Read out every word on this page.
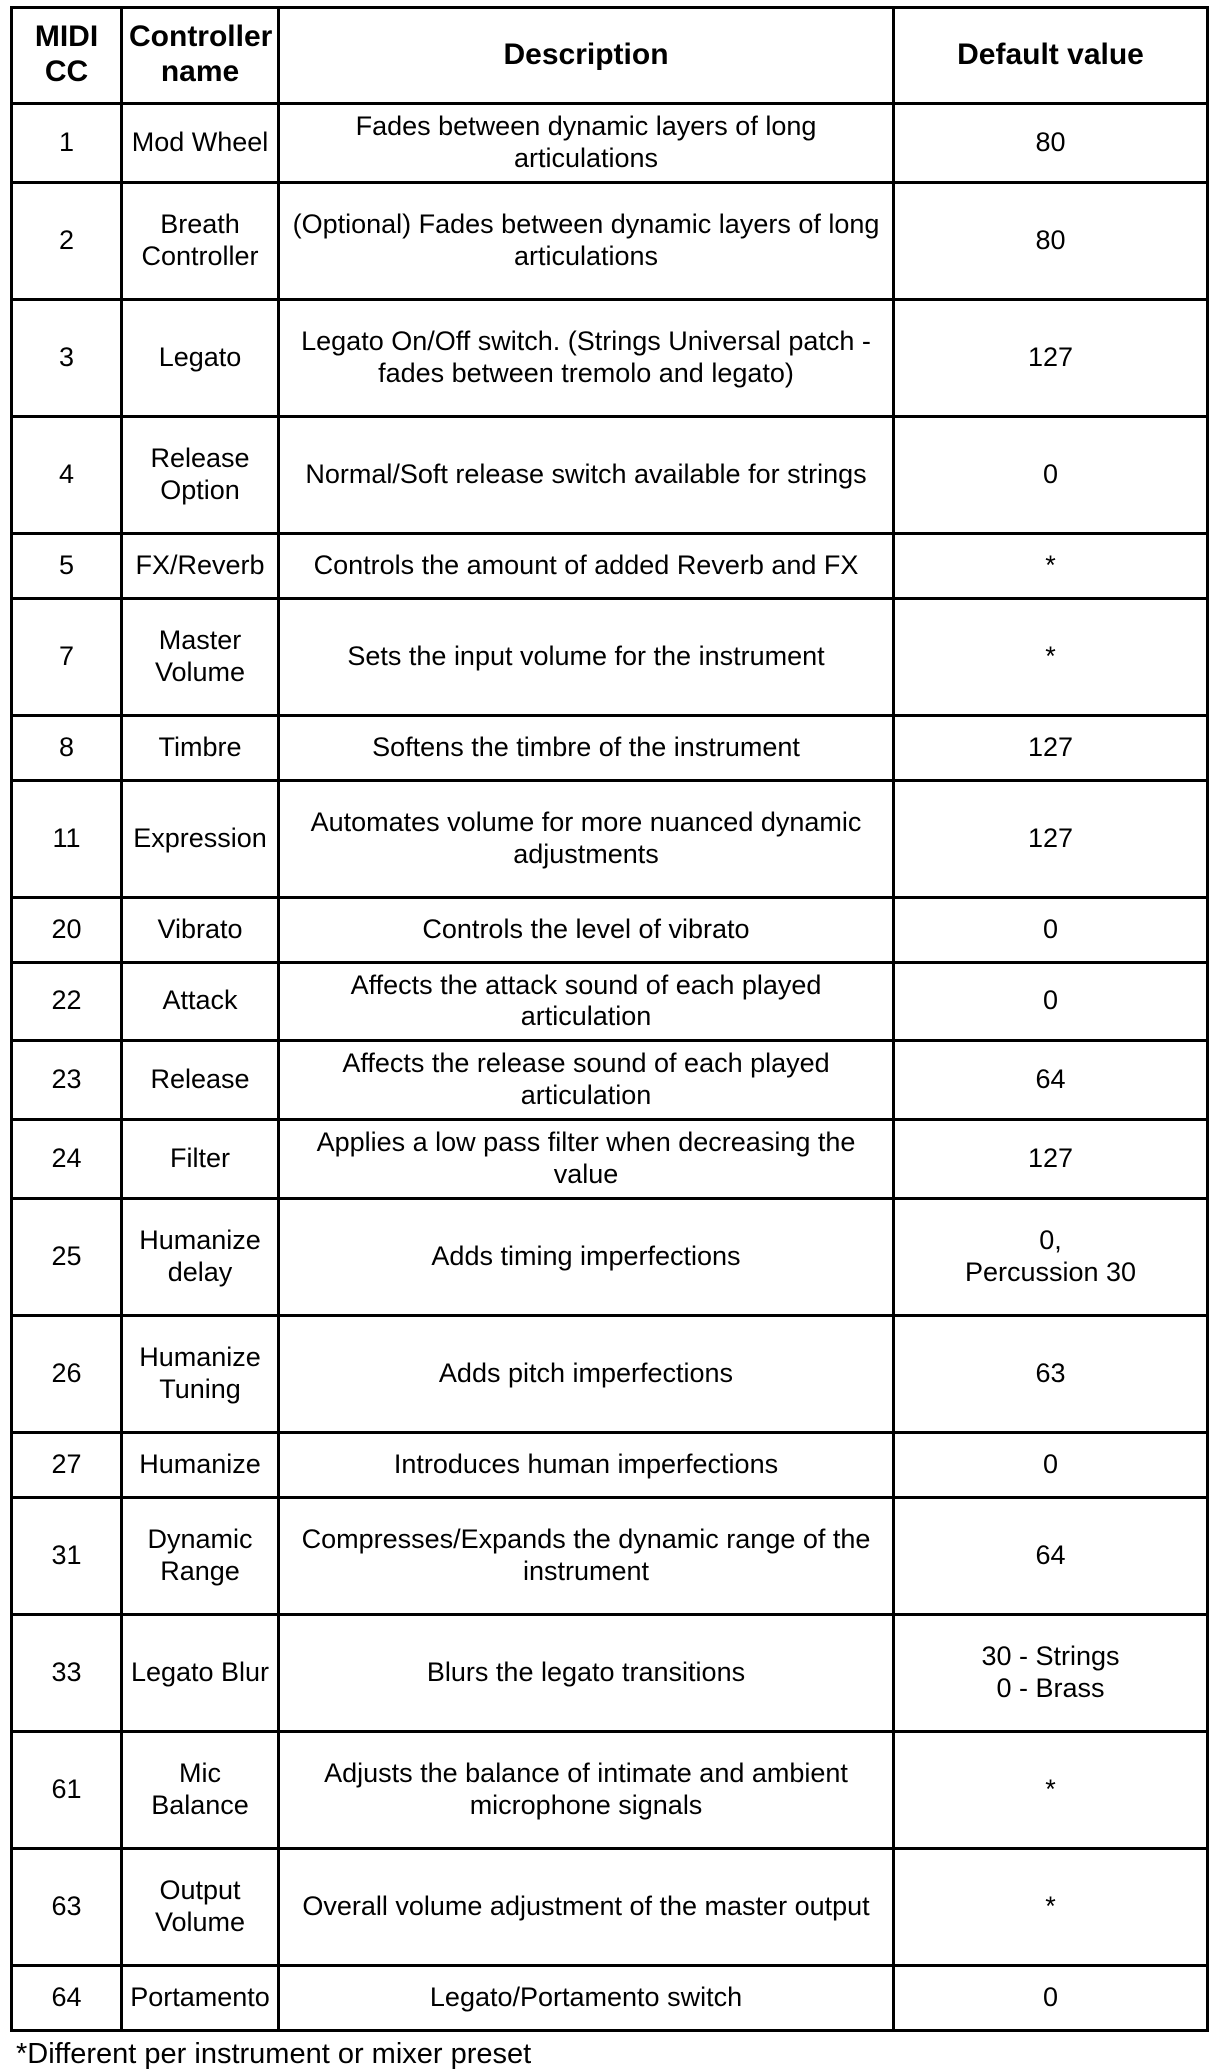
MIDI CC	Controller name	Description	Default value
1	Mod Wheel	Fades between dynamic layers of long articulations	80
2	Breath Controller	(Optional) Fades between dynamic layers of long articulations	80
3	Legato	Legato On/Off switch. (Strings Universal patch - fades between tremolo and legato)	127
4	Release Option	Normal/Soft release switch available for strings	0
5	FX/Reverb	Controls the amount of added Reverb and FX	*
7	Master Volume	Sets the input volume for the instrument	*
8	Timbre	Softens the timbre of the instrument	127
11	Expression	Automates volume for more nuanced dynamic adjustments	127
20	Vibrato	Controls the level of vibrato	0
22	Attack	Affects the attack sound of each played articulation	0
23	Release	Affects the release sound of each played articulation	64
24	Filter	Applies a low pass filter when decreasing the value	127
25	Humanize delay	Adds timing imperfections	0,
Percussion 30
26	Humanize Tuning	Adds pitch imperfections	63
27	Humanize	Introduces human imperfections	0
31	Dynamic Range	Compresses/Expands the dynamic range of the instrument	64
33	Legato Blur	Blurs the legato transitions	30 - Strings
0 - Brass
61	Mic Balance	Adjusts the balance of intimate and ambient microphone signals	*
63	Output Volume	Overall volume adjustment of the master output	*
64	Portamento	Legato/Portamento switch	0
*Different per instrument or mixer preset
